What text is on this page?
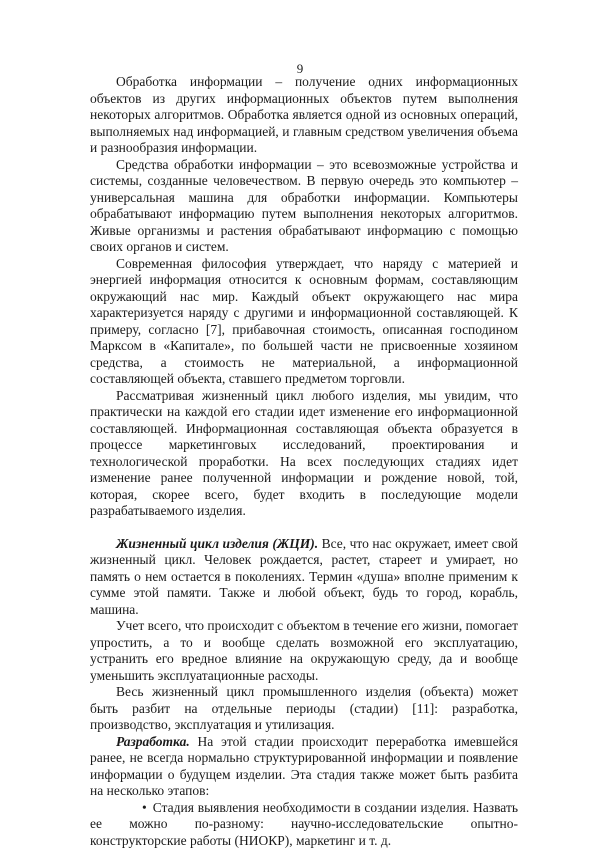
9

Обработка информации – получение одних информационных объектов из других информационных объектов путем выполнения некоторых алгоритмов. Обработка является одной из основных операций, выполняемых над информацией, и главным средством увеличения объема и разнообразия информации.

Средства обработки информации – это всевозможные устройства и системы, созданные человечеством. В первую очередь это компьютер – универсальная машина для обработки информации. Компьютеры обрабатывают информацию путем выполнения некоторых алгоритмов. Живые организмы и растения обрабатывают информацию с помощью своих органов и систем.

Современная философия утверждает, что наряду с материей и энергией информация относится к основным формам, составляющим окружающий нас мир. Каждый объект окружающего нас мира характеризуется наряду с другими и информационной составляющей. К примеру, согласно [7], прибавочная стоимость, описанная господином Марксом в «Капитале», по большей части не присвоенные хозяином средства, а стоимость не материальной, а информационной составляющей объекта, ставшего предметом торговли.

Рассматривая жизненный цикл любого изделия, мы увидим, что практически на каждой его стадии идет изменение его информационной составляющей. Информационная составляющая объекта образуется в процессе маркетинговых исследований, проектирования и технологической проработки. На всех последующих стадиях идет изменение ранее полученной информации и рождение новой, той, которая, скорее всего, будет входить в последующие модели разрабатываемого изделия.

Жизненный цикл изделия (ЖЦИ). Все, что нас окружает, имеет свой жизненный цикл. Человек рождается, растет, стареет и умирает, но память о нем остается в поколениях. Термин «душа» вполне применим к сумме этой памяти. Также и любой объект, будь то город, корабль, машина.

Учет всего, что происходит с объектом в течение его жизни, помогает упростить, а то и вообще сделать возможной его эксплуатацию, устранить его вредное влияние на окружающую среду, да и вообще уменьшить эксплуатационные расходы.

Весь жизненный цикл промышленного изделия (объекта) может быть разбит на отдельные периоды (стадии) [11]: разработка, производство, эксплуатация и утилизация.

Разработка. На этой стадии происходит переработка имевшейся ранее, не всегда нормально структурированной информации и появление информации о будущем изделии. Эта стадия также может быть разбита на несколько этапов:

• Стадия выявления необходимости в создании изделия. Назвать ее можно по-разному: научно-исследовательские опытно-конструкторские работы (НИОКР), маркетинг и т. д.
